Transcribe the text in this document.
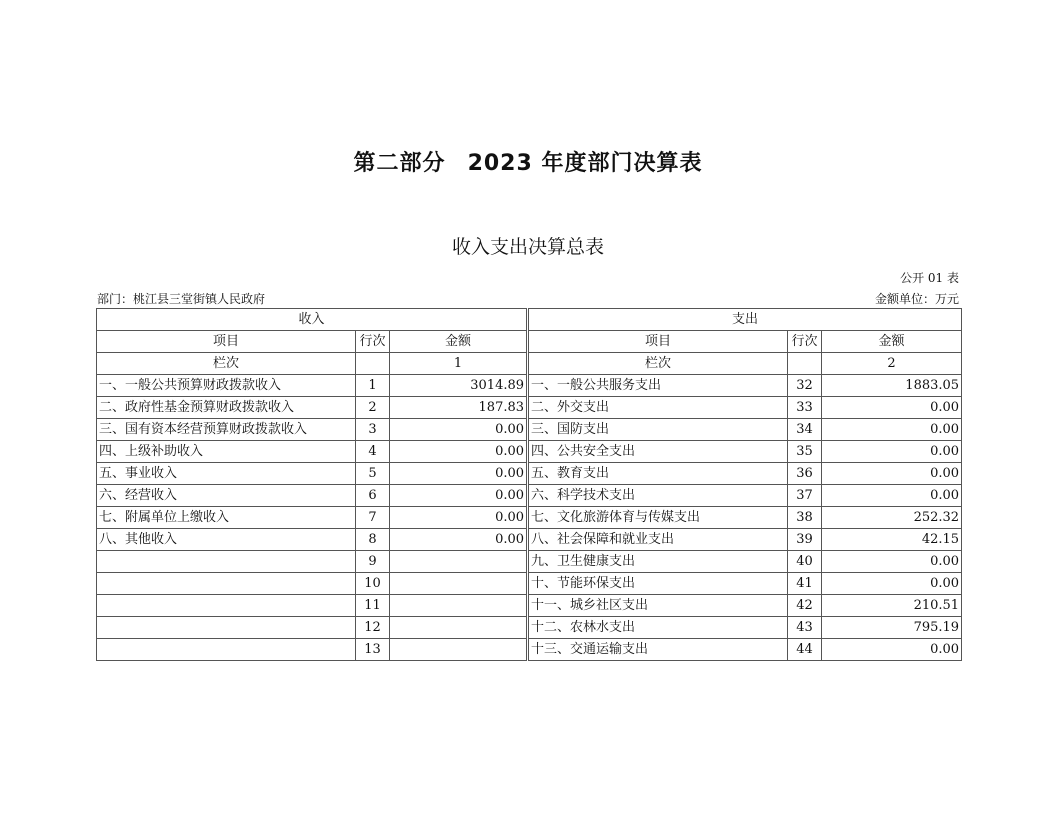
第二部分 2023 年度部门决算表
收入支出决算总表
公开 01 表
部门：桃江县三堂街镇人民政府	金额单位：万元
收入				支出		
项目	行次	金额		项目	行次	金额
栏次		1		栏次		2
一、一般公共预算财政拨款收入	1	3014.89		一、一般公共服务支出	32	1883.05
二、政府性基金预算财政拨款收入	2	187.83		二、外交支出	33	0.00
三、国有资本经营预算财政拨款收入	3	0.00		三、国防支出	34	0.00
四、上级补助收入	4	0.00		四、公共安全支出	35	0.00
五、事业收入	5	0.00		五、教育支出	36	0.00
六、经营收入	6	0.00		六、科学技术支出	37	0.00
七、附属单位上缴收入	7	0.00		七、文化旅游体育与传媒支出	38	252.32
八、其他收入	8	0.00		八、社会保障和就业支出	39	42.15
	9			九、卫生健康支出	40	0.00
	10			十、节能环保支出	41	0.00
	11			十一、城乡社区支出	42	210.51
	12			十二、农林水支出	43	795.19
	13			十三、交通运输支出	44	0.00
